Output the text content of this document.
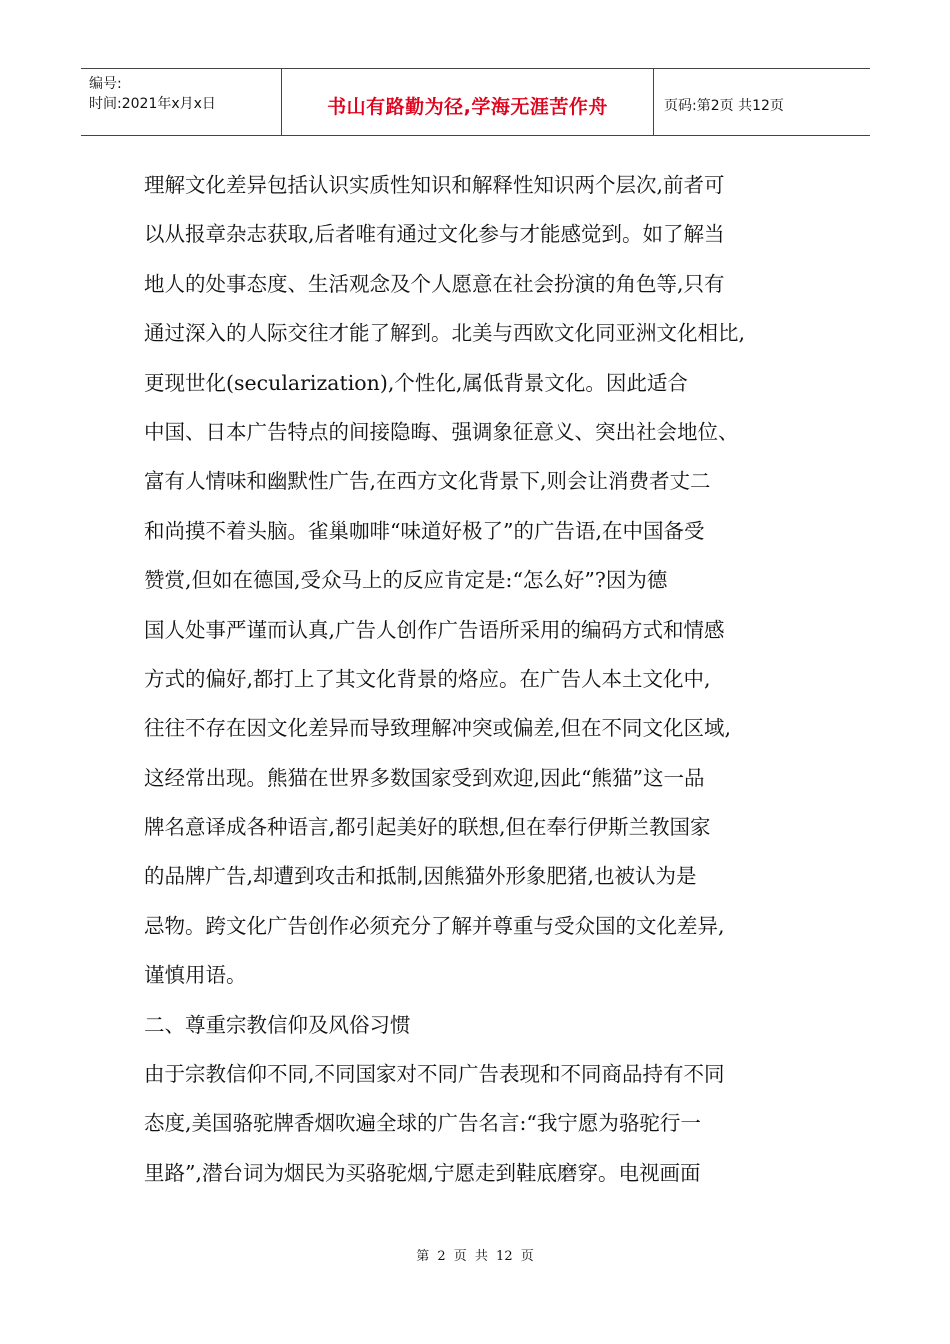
编号:
时间:2021年x月x日	书山有路勤为径,学海无涯苦作舟	页码:第2页 共12页
理解文化差异包括认识实质性知识和解释性知识两个层次,前者可
以从报章杂志获取,后者唯有通过文化参与才能感觉到。如了解当
地人的处事态度、生活观念及个人愿意在社会扮演的角色等,只有
通过深入的人际交往才能了解到。北美与西欧文化同亚洲文化相比,
更现世化(secularization),个性化,属低背景文化。因此适合
中国、日本广告特点的间接隐晦、强调象征意义、突出社会地位、
富有人情味和幽默性广告,在西方文化背景下,则会让消费者丈二
和尚摸不着头脑。雀巢咖啡“味道好极了”的广告语,在中国备受
赞赏,但如在德国,受众马上的反应肯定是:“怎么好”?因为德
国人处事严谨而认真,广告人创作广告语所采用的编码方式和情感
方式的偏好,都打上了其文化背景的烙应。在广告人本土文化中,
往往不存在因文化差异而导致理解冲突或偏差,但在不同文化区域,
这经常出现。熊猫在世界多数国家受到欢迎,因此“熊猫”这一品
牌名意译成各种语言,都引起美好的联想,但在奉行伊斯兰教国家
的品牌广告,却遭到攻击和抵制,因熊猫外形象肥猪,也被认为是
忌物。跨文化广告创作必须充分了解并尊重与受众国的文化差异,
谨慎用语。
二、尊重宗教信仰及风俗习惯
由于宗教信仰不同,不同国家对不同广告表现和不同商品持有不同
态度,美国骆驼牌香烟吹遍全球的广告名言:“我宁愿为骆驼行一
里路”,潜台词为烟民为买骆驼烟,宁愿走到鞋底磨穿。电视画面
第 2 页 共 12 页
